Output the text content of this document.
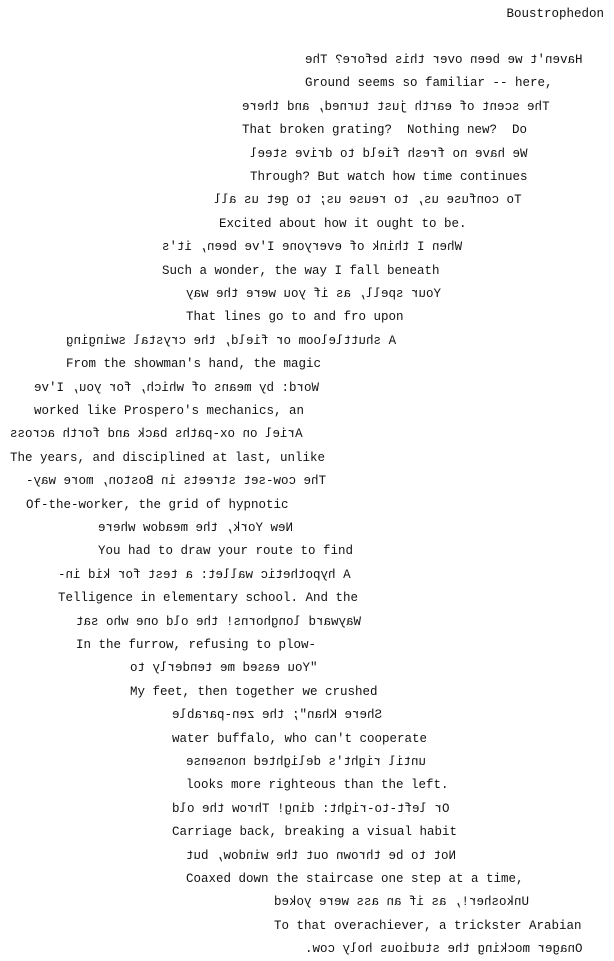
Boustrophedon
Haven't we been over this before? The
Ground seems so familiar -- here,
The scent of earth just turned, and there
That broken grating?  Nothing new?  Do
We have no fresh field to drive steel
Through? But watch how time continues
To confuse us, to reuse us; to get us all
Excited about how it ought to be.
When I think of everyone I've been, it's
Such a wonder, the way I fall beneath
Your spell, as if you were the way
That lines go to and fro upon
A shuttleloom or field, the crystal swinging
From the showman's hand, the magic
Word: by means of which, for you, I've
worked like Prospero's mechanics, an
Ariel on ox-paths back and forth across
The years, and disciplined at last, unlike
The cow-set streets in Boston, more way-
Of-the-worker, the grid of hypnotic
New York, the meadow where
You had to draw your route to find
A hypothetic wallet: a test for kid in-
Telligence in elementary school. And the
Wayward longhorns! the old one who sat
In the furrow, refusing to plow-
"You eased me tenderly to
My feet, then together we crushed
Shere Khan"; the zen-parable
water buffalo, who can't cooperate
until right's delighted nonsense
looks more righteous than the left.
Or left-to-right: ding! Throw the old
Carriage back, breaking a visual habit
Not to be thrown out the window, but
Coaxed down the staircase one step at a time,
Unkosher!, as if an ass were yoked
To that overachiever, a trickster Arabian
Onager mocking the studious holy cow.
